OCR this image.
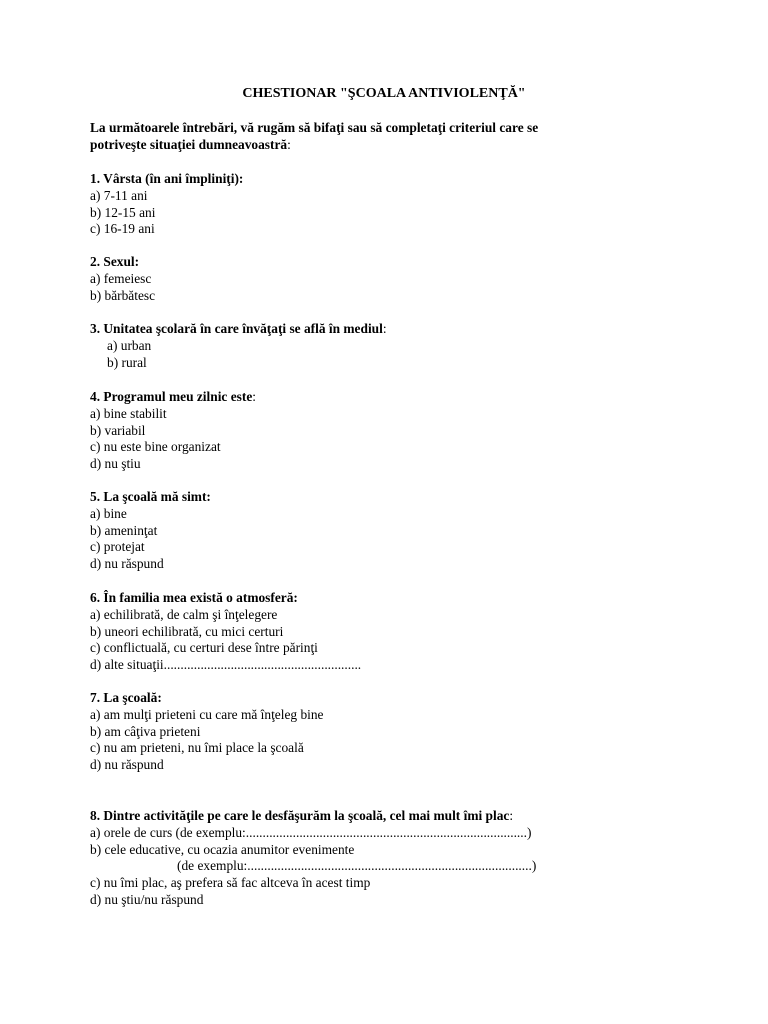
CHESTIONAR "ŞCOALA ANTIVIOLENŢĂ"
La următoarele întrebări, vă rugăm să bifaţi sau să completaţi criteriul care se
potriveşte situaţiei dumneavoastră:
1. Vârsta (în ani împliniţi):
a) 7-11 ani
b) 12-15 ani
c) 16-19 ani
2. Sexul:
a) femeiesc
b) bărbătesc
3. Unitatea şcolară în care învăţaţi se află în mediul:
a) urban
b) rural
4. Programul meu zilnic este:
a) bine stabilit
b) variabil
c) nu este bine organizat
d) nu ştiu
5. La şcoală mă simt:
a) bine
b) ameninţat
c) protejat
d) nu răspund
6. În familia mea există o atmosferă:
a) echilibrată, de calm şi înţelegere
b) uneori echilibrată, cu mici certuri
c) conflictuală, cu certuri dese între părinţi
d) alte situaţii...........................................................
7. La şcoală:
a) am mulţi prieteni cu care mă înţeleg bine
b) am câţiva prieteni
c) nu am prieteni, nu îmi place la şcoală
d) nu răspund
8. Dintre activităţile pe care le desfăşurăm la şcoală, cel mai mult îmi plac:
a) orele de curs (de exemplu:....................................................................................)
b) cele educative, cu ocazia anumitor evenimente
(de exemplu:.....................................................................................)
c) nu îmi plac, aş prefera să fac altceva în acest timp
d) nu ştiu/nu răspund
